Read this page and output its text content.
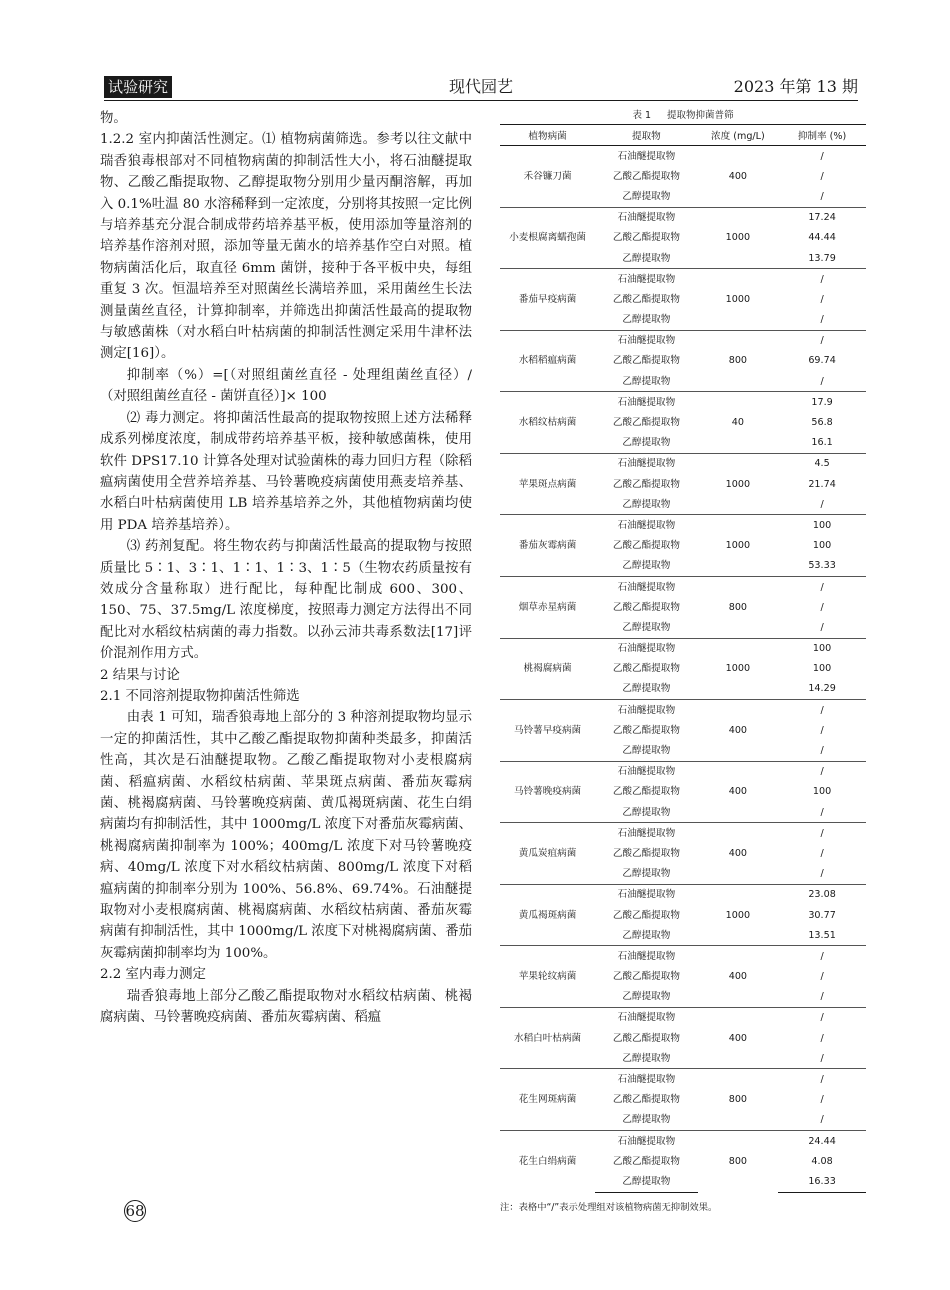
试验研究	现代园艺	2023 年第 13 期

物。

1.2.2 室内抑菌活性测定。⑴ 植物病菌筛选。参考以往文献中瑞香狼毒根部对不同植物病菌的抑制活性大小，将石油醚提取物、乙酸乙酯提取物、乙醇提取物分别用少量丙酮溶解，再加入 0.1%吐温 80 水溶稀释到一定浓度，分别将其按照一定比例与培养基充分混合制成带药培养基平板，使用添加等量溶剂的培养基作溶剂对照，添加等量无菌水的培养基作空白对照。植物病菌活化后，取直径 6mm 菌饼，接种于各平板中央，每组重复 3 次。恒温培养至对照菌丝长满培养皿，采用菌丝生长法测量菌丝直径，计算抑制率，并筛选出抑菌活性最高的提取物与敏感菌株（对水稻白叶枯病菌的抑制活性测定采用牛津杯法测定[16]）。

抑制率（%）=[（对照组菌丝直径 - 处理组菌丝直径）/（对照组菌丝直径 - 菌饼直径）]× 100

⑵ 毒力测定。将抑菌活性最高的提取物按照上述方法稀释成系列梯度浓度，制成带药培养基平板，接种敏感菌株，使用软件 DPS17.10 计算各处理对试验菌株的毒力回归方程（除稻瘟病菌使用全营养培养基、马铃薯晚疫病菌使用燕麦培养基、水稻白叶枯病菌使用 LB 培养基培养之外，其他植物病菌均使用 PDA 培养基培养）。

⑶ 药剂复配。将生物农药与抑菌活性最高的提取物与按照质量比 5∶1、3∶1、1∶1、1∶3、1∶5（生物农药质量按有效成分含量称取）进行配比，每种配比制成 600、300、150、75、37.5mg/L 浓度梯度，按照毒力测定方法得出不同配比对水稻纹枯病菌的毒力指数。以孙云沛共毒系数法[17]评价混剂作用方式。

2 结果与讨论

2.1 不同溶剂提取物抑菌活性筛选

由表 1 可知，瑞香狼毒地上部分的 3 种溶剂提取物均显示一定的抑菌活性，其中乙酸乙酯提取物抑菌种类最多，抑菌活性高，其次是石油醚提取物。乙酸乙酯提取物对小麦根腐病菌、稻瘟病菌、水稻纹枯病菌、苹果斑点病菌、番茄灰霉病菌、桃褐腐病菌、马铃薯晚疫病菌、黄瓜褐斑病菌、花生白绢病菌均有抑制活性，其中 1000mg/L 浓度下对番茄灰霉病菌、桃褐腐病菌抑制率为 100%；400mg/L 浓度下对马铃薯晚疫病、40mg/L 浓度下对水稻纹枯病菌、800mg/L 浓度下对稻瘟病菌的抑制率分别为 100%、56.8%、69.74%。石油醚提取物对小麦根腐病菌、桃褐腐病菌、水稻纹枯病菌、番茄灰霉病菌有抑制活性，其中 1000mg/L 浓度下对桃褐腐病菌、番茄灰霉病菌抑制率均为 100%。

2.2 室内毒力测定

瑞香狼毒地上部分乙酸乙酯提取物对水稻纹枯病菌、桃褐腐病菌、马铃薯晚疫病菌、番茄灰霉病菌、稻瘟

68
表 1 提取物抑菌普筛
植物病菌	提取物	浓度 (mg/L)	抑制率 (%)
禾谷镰刀菌	石油醚提取物	400	/
	乙酸乙酯提取物		/
	乙醇提取物		/
小麦根腐离蠕孢菌	石油醚提取物	1000	17.24
	乙酸乙酯提取物		44.44
	乙醇提取物		13.79
番茄早疫病菌	石油醚提取物	1000	/
	乙酸乙酯提取物		/
	乙醇提取物		/
水稻稻瘟病菌	石油醚提取物	800	/
	乙酸乙酯提取物		69.74
	乙醇提取物		/
水稻纹枯病菌	石油醚提取物	40	17.9
	乙酸乙酯提取物		56.8
	乙醇提取物		16.1
苹果斑点病菌	石油醚提取物	1000	4.5
	乙酸乙酯提取物		21.74
	乙醇提取物		/
番茄灰霉病菌	石油醚提取物	1000	100
	乙酸乙酯提取物		100
	乙醇提取物		53.33
烟草赤星病菌	石油醚提取物	800	/
	乙酸乙酯提取物		/
	乙醇提取物		/
桃褐腐病菌	石油醚提取物	1000	100
	乙酸乙酯提取物		100
	乙醇提取物		14.29
马铃薯早疫病菌	石油醚提取物	400	/
	乙酸乙酯提取物		/
	乙醇提取物		/
马铃薯晚疫病菌	石油醚提取物	400	/
	乙酸乙酯提取物		100
	乙醇提取物		/
黄瓜炭疽病菌	石油醚提取物	400	/
	乙酸乙酯提取物		/
	乙醇提取物		/
黄瓜褐斑病菌	石油醚提取物	1000	23.08
	乙酸乙酯提取物		30.77
	乙醇提取物		13.51
苹果轮纹病菌	石油醚提取物	400	/
	乙酸乙酯提取物		/
	乙醇提取物		/
水稻白叶枯病菌	石油醚提取物	400	/
	乙酸乙酯提取物		/
	乙醇提取物		/
花生网斑病菌	石油醚提取物	800	/
	乙酸乙酯提取物		/
	乙醇提取物		/
花生白绢病菌	石油醚提取物	800	24.44
	乙酸乙酯提取物		4.08
	乙醇提取物		16.33
注：表格中“/”表示处理组对该植物病菌无抑制效果。
